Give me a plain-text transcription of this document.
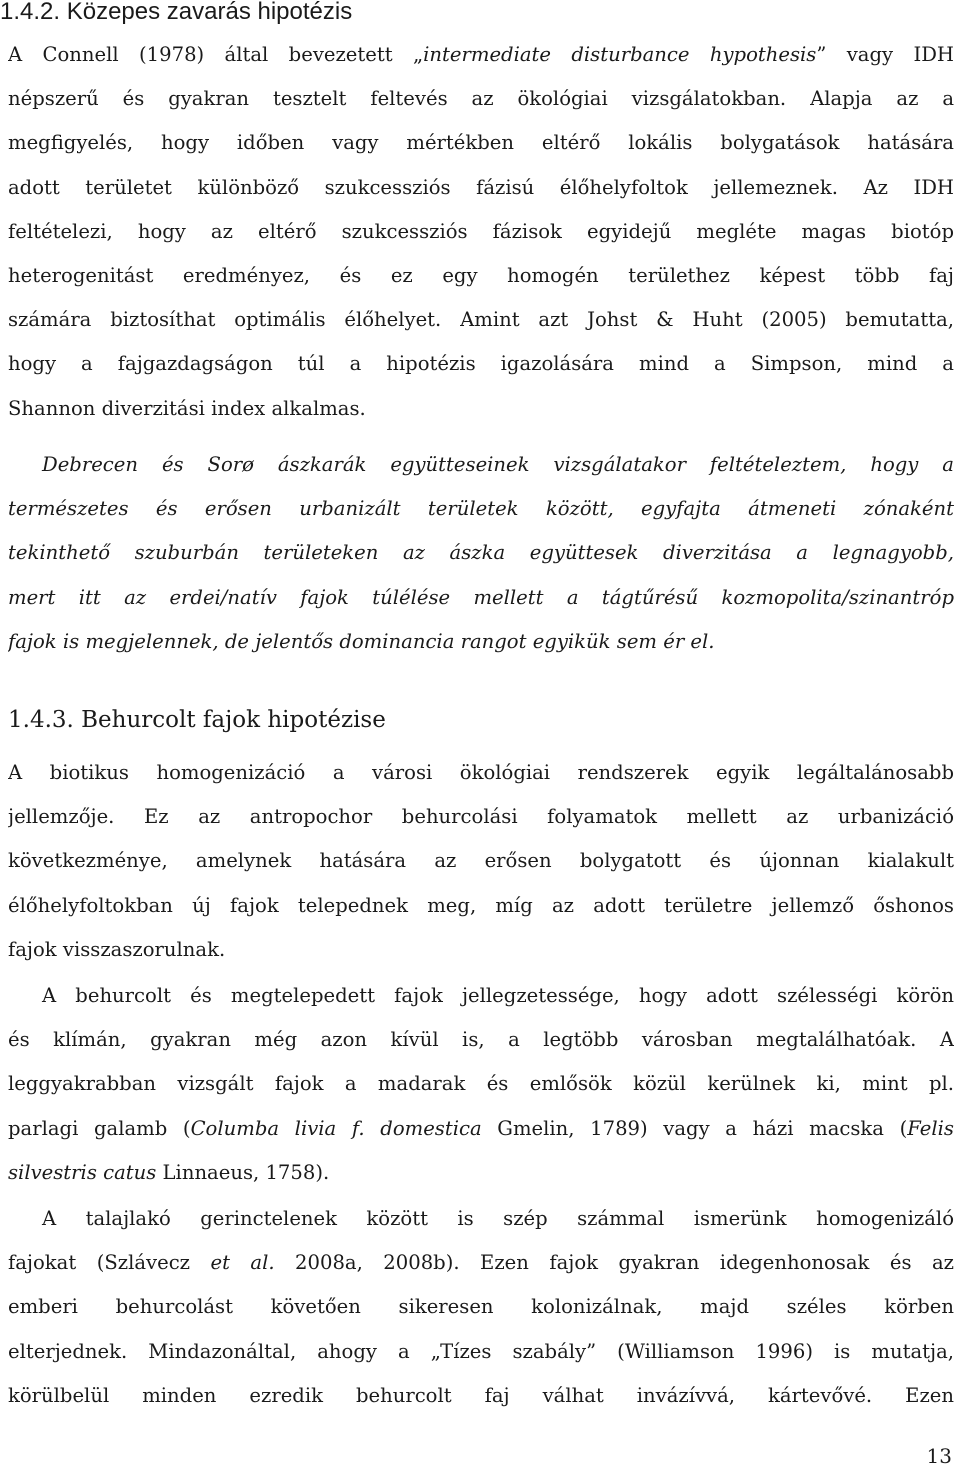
1.4.2. Közepes zavarás hipotézis
A Connell (1978) által bevezetett „intermediate disturbance hypothesis” vagy IDH
népszerű és gyakran tesztelt feltevés az ökológiai vizsgálatokban. Alapja az a
megfigyelés, hogy időben vagy mértékben eltérő lokális bolygatások hatására
adott területet különböző szukcessziós fázisú élőhelyfoltok jellemeznek. Az IDH
feltételezi, hogy az eltérő szukcessziós fázisok egyidejű megléte magas biotóp
heterogenitást eredményez, és ez egy homogén területhez képest több faj
számára biztosíthat optimális élőhelyet. Amint azt Johst & Huht (2005) bemutatta,
hogy a fajgazdagságon túl a hipotézis igazolására mind a Simpson, mind a
Shannon diverzitási index alkalmas.
Debrecen és Sorø ászkarák együtteseinek vizsgálatakor feltételeztem, hogy a
természetes és erősen urbanizált területek között, egyfajta átmeneti zónaként
tekinthető szuburbán területeken az ászka együttesek diverzitása a legnagyobb,
mert itt az erdei/natív fajok túlélése mellett a tágtűrésű kozmopolita/szinantróp
fajok is megjelennek, de jelentős dominancia rangot egyikük sem ér el.
1.4.3. Behurcolt fajok hipotézise
A biotikus homogenizáció a városi ökológiai rendszerek egyik legáltalánosabb
jellemzője. Ez az antropochor behurcolási folyamatok mellett az urbanizáció
következménye, amelynek hatására az erősen bolygatott és újonnan kialakult
élőhelyfoltokban új fajok telepednek meg, míg az adott területre jellemző őshonos
fajok visszaszorulnak.
A behurcolt és megtelepedett fajok jellegzetessége, hogy adott szélességi körön
és klímán, gyakran még azon kívül is, a legtöbb városban megtalálhatóak. A
leggyakrabban vizsgált fajok a madarak és emlősök közül kerülnek ki, mint pl.
parlagi galamb (Columba livia f. domestica Gmelin, 1789) vagy a házi macska (Felis
silvestris catus Linnaeus, 1758).
A talajlakó gerinctelenek között is szép számmal ismerünk homogenizáló
fajokat (Szlávecz et al. 2008a, 2008b). Ezen fajok gyakran idegenhonosak és az
emberi behurcolást követően sikeresen kolonizálnak, majd széles körben
elterjednek. Mindazonáltal, ahogy a „Tízes szabály” (Williamson 1996) is mutatja,
körülbelül minden ezredik behurcolt faj válhat invázívvá, kártevővé. Ezen

13
